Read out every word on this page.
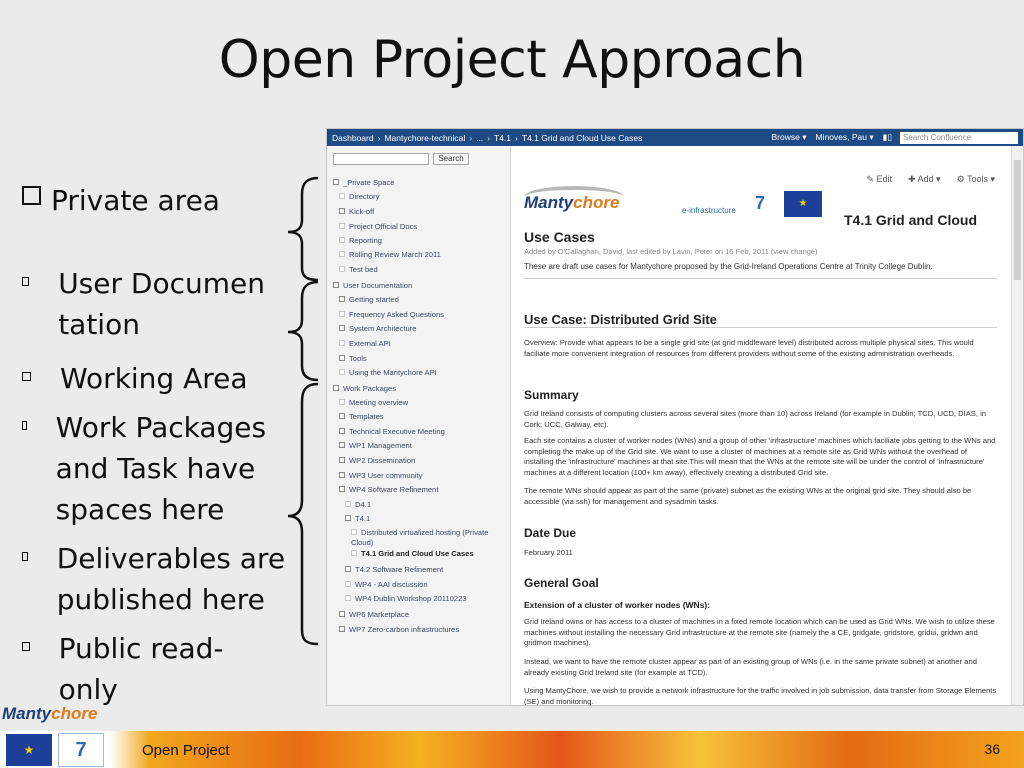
Open Project Approach
Private area
User Documentation
Working Area
Work Packages and Task have spaces here
Deliverables are published here
Public read-only
Dashboard › Mantychore-technical › ... › T4.1 › T4.1 Grid and Cloud Use Cases	Browse ▾ Minoves, Pau ▾ ▮▯	Search Confluence
Search
_Private Space
Directory
Kick-off
Project Official Docs
Reporting
Rolling Review March 2011
Test bed
User Documentation
Getting started
Frequency Asked Questions
System Architecture
External API
Tools
Using the Mantychore API
Work Packages
Meeting overview
Templates
Technical Executive Meeting
WP1 Management
WP2 Dissemination
WP3 User community
WP4 Software Refinement
D4.1
T4.1
Distributed virtualized hosting (Private Cloud)
T4.1 Grid and Cloud Use Cases
T4.2 Software Refinement
WP4 - AAI discussion
WP4 Dublin Workshop 20110223
WP6 Marketplace
WP7 Zero-carbon infrastructures
✎ Edit ✚ Add ▾ ⚙ Tools ▾
Mantychore	e-infrastructure	7	★
T4.1 Grid and Cloud
Use Cases
Added by O'Callaghan, David, last edited by Lavin, Peter on 16 Feb, 2011 (view change)
These are draft use cases for Mantychore proposed by the Grid-Ireland Operations Centre at Trinity College Dublin.
Use Case: Distributed Grid Site
Overview: Provide what appears to be a single grid site (at grid middleware level) distributed across multiple physical sites. This would faciliate more convenient integration of resources from different providers without some of the existing administration overheads.
Summary
Grid Ireland consists of computing clusters across several sites (more than 10) across Ireland (for example in Dublin; TCD, UCD, DIAS, in Cork; UCC, Galway, etc).
Each site contains a cluster of worker nodes (WNs) and a group of other 'infrastructure' machines which faciliate jobs getting to the WNs and completing the make up of the Grid site. We want to use a cluster of machines at a remote site as Grid WNs without the overhead of installing the 'infrastructure' machines at that site.This will mean that the WNs at the remote site will be under the control of 'infrastructure' machines at a different location (100+ km away), effectively creating a distributed Grid site.
The remote WNs should appear as part of the same (private) subnet as the existing WNs at the original grid site. They should also be accessible (via ssh) for management and sysadmin tasks.
Date Due
February 2011
General Goal
Extension of a cluster of worker nodes (WNs):
Grid Ireland owns or has access to a cluster of machines in a fixed remote location which can be used as Grid WNs. We wish to utilize these machines without installing the necessary Grid infrastructure at the remote site (namely the a CE, gridgate, gridstore, gridui, gridwn and gridmon machines).
Instead, we want to have the remote cluster appear as part of an existing group of WNs (i.e. in the same private subnet) at another and already existing Grid Ireland site (for example at TCD).
Using MantyChore, we wish to provide a network infrastructure for the traffic involved in job submission, data transfer from Storage Elements (SE) and monitoring.
Mantychore
★	7	Open Project	36
